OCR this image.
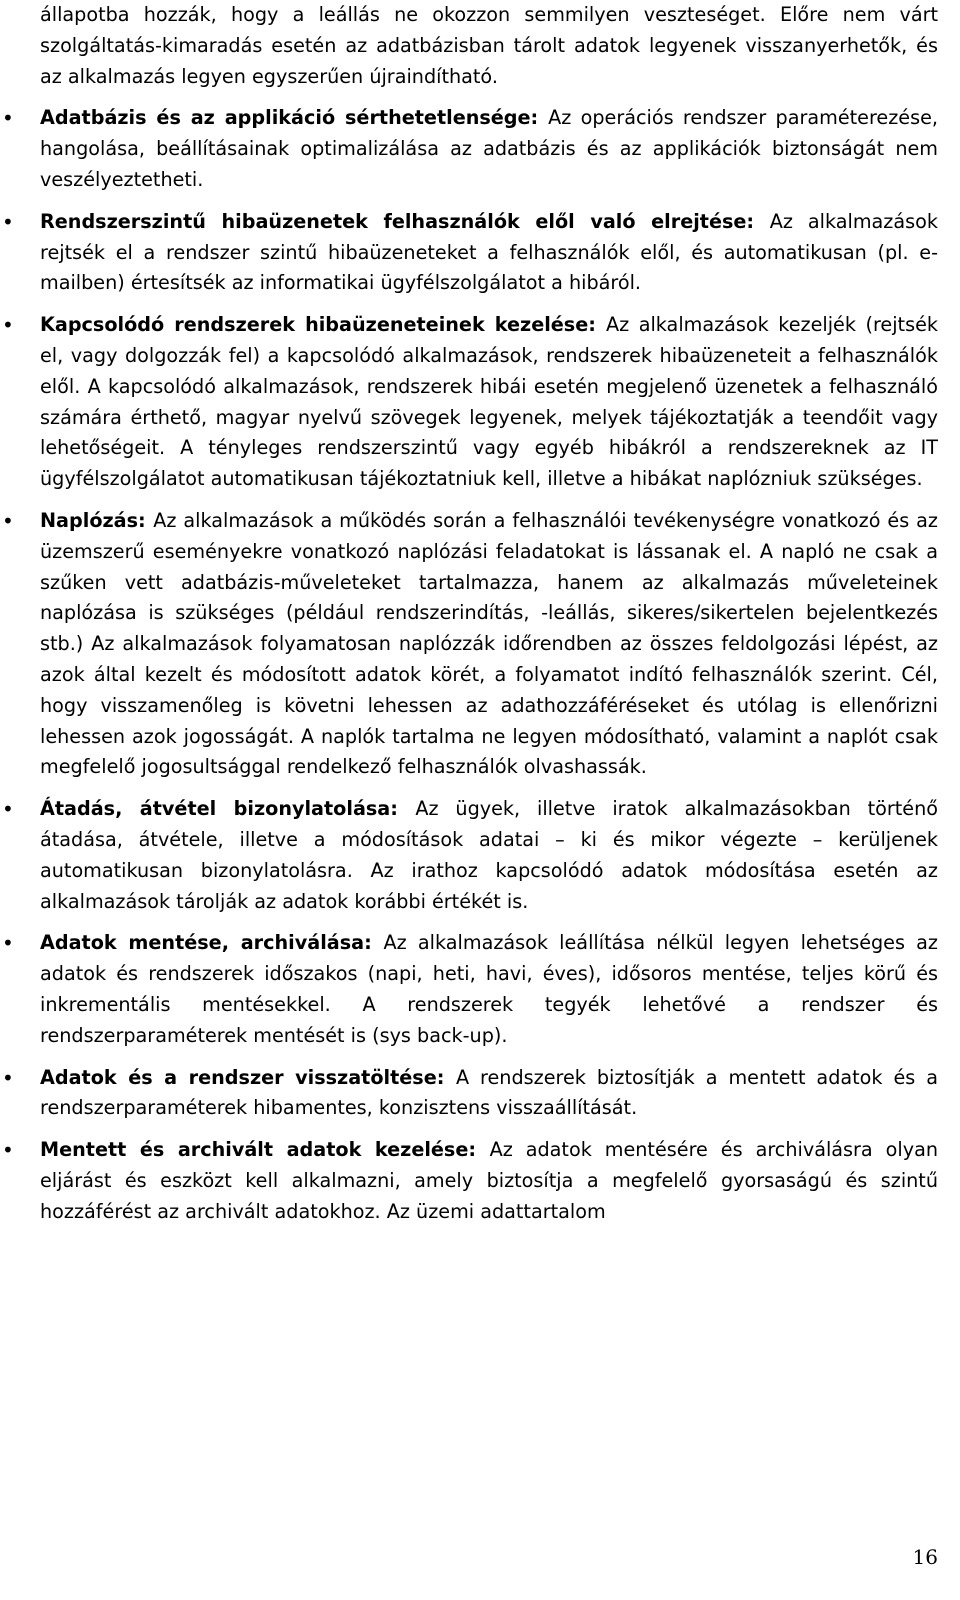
állapotba hozzák, hogy a leállás ne okozzon semmilyen veszteséget. Előre nem várt szolgáltatás-kimaradás esetén az adatbázisban tárolt adatok legyenek visszanyerhetők, és az alkalmazás legyen egyszerűen újraindítható.

• Adatbázis és az applikáció sérthetetlensége: Az operációs rendszer paraméterezése, hangolása, beállításainak optimalizálása az adatbázis és az applikációk biztonságát nem veszélyeztetheti.
• Rendszerszintű hibaüzenetek felhasználók elől való elrejtése: Az alkalmazások rejtsék el a rendszer szintű hibaüzeneteket a felhasználók elől, és automatikusan (pl. e-mailben) értesítsék az informatikai ügyfélszolgálatot a hibáról.
• Kapcsolódó rendszerek hibaüzeneteinek kezelése: Az alkalmazások kezeljék (rejtsék el, vagy dolgozzák fel) a kapcsolódó alkalmazások, rendszerek hibaüzeneteit a felhasználók elől. A kapcsolódó alkalmazások, rendszerek hibái esetén megjelenő üzenetek a felhasználó számára érthető, magyar nyelvű szövegek legyenek, melyek tájékoztatják a teendőit vagy lehetőségeit. A tényleges rendszerszintű vagy egyéb hibákról a rendszereknek az IT ügyfélszolgálatot automatikusan tájékoztatniuk kell, illetve a hibákat naplózniuk szükséges.
• Naplózás: Az alkalmazások a működés során a felhasználói tevékenységre vonatkozó és az üzemszerű eseményekre vonatkozó naplózási feladatokat is lássanak el. A napló ne csak a szűken vett adatbázis-műveleteket tartalmazza, hanem az alkalmazás műveleteinek naplózása is szükséges (például rendszerindítás, -leállás, sikeres/sikertelen bejelentkezés stb.) Az alkalmazások folyamatosan naplózzák időrendben az összes feldolgozási lépést, az azok által kezelt és módosított adatok körét, a folyamatot indító felhasználók szerint. Cél, hogy visszamenőleg is követni lehessen az adathozzáféréseket és utólag is ellenőrizni lehessen azok jogosságát. A naplók tartalma ne legyen módosítható, valamint a naplót csak megfelelő jogosultsággal rendelkező felhasználók olvashassák.
• Átadás, átvétel bizonylatolása: Az ügyek, illetve iratok alkalmazásokban történő átadása, átvétele, illetve a módosítások adatai – ki és mikor végezte – kerüljenek automatikusan bizonylatolásra. Az irathoz kapcsolódó adatok módosítása esetén az alkalmazások tárolják az adatok korábbi értékét is.
• Adatok mentése, archiválása: Az alkalmazások leállítása nélkül legyen lehetséges az adatok és rendszerek időszakos (napi, heti, havi, éves), idősoros mentése, teljes körű és inkrementális mentésekkel. A rendszerek tegyék lehetővé a rendszer és rendszerparaméterek mentését is (sys back-up).
• Adatok és a rendszer visszatöltése: A rendszerek biztosítják a mentett adatok és a rendszerparaméterek hibamentes, konzisztens visszaállítását.
• Mentett és archivált adatok kezelése: Az adatok mentésére és archiválásra olyan eljárást és eszközt kell alkalmazni, amely biztosítja a megfelelő gyorsaságú és szintű hozzáférést az archivált adatokhoz. Az üzemi adattartalom
16
